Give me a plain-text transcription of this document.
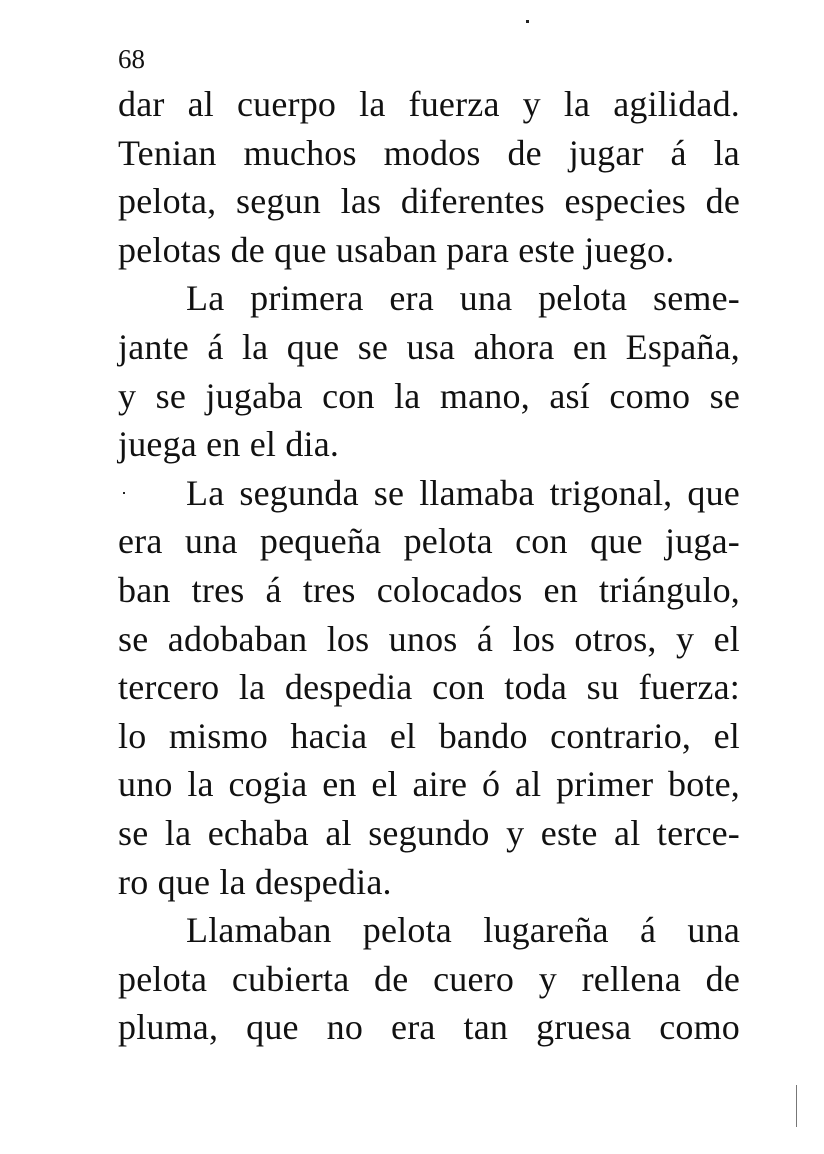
68
dar al cuerpo la fuerza y la agilidad.
Tenian muchos modos de jugar á la
pelota, segun las diferentes especies de
pelotas de que usaban para este juego.
La primera era una pelota seme-
jante á la que se usa ahora en España,
y se jugaba con la mano, así como se
juega en el dia.
La segunda se llamaba trigonal, que
era una pequeña pelota con que juga-
ban tres á tres colocados en triángulo,
se adobaban los unos á los otros, y el
tercero la despedia con toda su fuerza:
lo mismo hacia el bando contrario, el
uno la cogia en el aire ó al primer bote,
se la echaba al segundo y este al terce-
ro que la despedia.
Llamaban pelota lugareña á una
pelota cubierta de cuero y rellena de
pluma, que no era tan gruesa como
